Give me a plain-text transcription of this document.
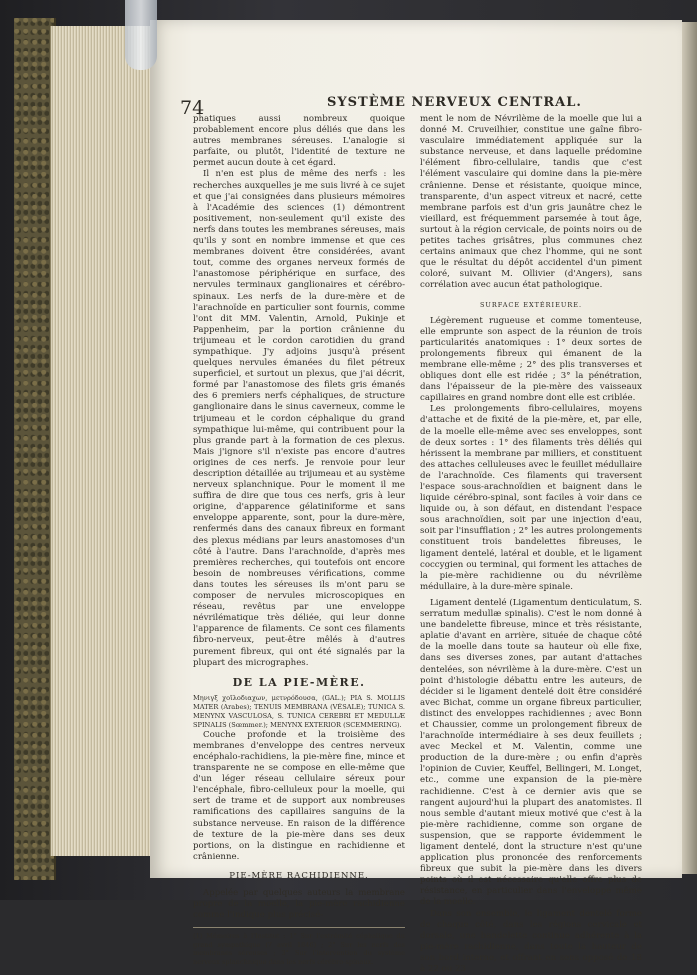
74	SYSTÈME NERVEUX CENTRAL.

phatiques aussi nombreux quoique probablement encore plus déliés que dans les autres membranes séreuses. L'analogie si parfaite, ou plutôt, l'identité de texture ne permet aucun doute à cet égard.

Il n'en est plus de même des nerfs : les recherches auxquelles je me suis livré à ce sujet et que j'ai consignées dans plusieurs mémoires à l'Académie des sciences (1) démontrent positivement, non-seulement qu'il existe des nerfs dans toutes les membranes séreuses, mais qu'ils y sont en nombre immense et que ces membranes doivent être considérées, avant tout, comme des organes nerveux formés de l'anastomose périphérique en surface, des nervules terminaux ganglionaires et cérébro-spinaux. Les nerfs de la dure-mère et de l'arachnoïde en particulier sont fournis, comme l'ont dit MM. Valentin, Arnold, Pukinje et Pappenheim, par la portion crânienne du trijumeau et le cordon carotidien du grand sympathique. J'y adjoins jusqu'à présent quelques nervules émanées du filet pétreux superficiel, et surtout un plexus, que j'ai décrit, formé par l'anastomose des filets gris émanés des 6 premiers nerfs céphaliques, de structure ganglionaire dans le sinus caverneux, comme le trijumeau et le cordon céphalique du grand sympathique lui-même, qui contribuent pour la plus grande part à la formation de ces plexus. Mais j'ignore s'il n'existe pas encore d'autres origines de ces nerfs. Je renvoie pour leur description détaillée au trijumeau et au système nerveux splanchnique. Pour le moment il me suffira de dire que tous ces nerfs, gris à leur origine, d'apparence gélatiniforme et sans enveloppe apparente, sont, pour la dure-mère, renfermés dans des canaux fibreux en formant des plexus médians par leurs anastomoses d'un côté à l'autre. Dans l'arachnoïde, d'après mes premières recherches, qui toutefois ont encore besoin de nombreuses vérifications, comme dans toutes les séreuses ils m'ont paru se composer de nervules microscopiques en réseau, revêtus par une enveloppe névrilématique très déliée, qui leur donne l'apparence de filaments. Ce sont ces filaments fibro-nerveux, peut-être mêlés à d'autres purement fibreux, qui ont été signalés par la plupart des micrographes.

DE LA PIE-MÈRE.

Μηνιγξ χοῖλοδιαχων, μετνρόδουσα, (GAL.); PIA S. MOLLIS MATER (Arabes); TENUIS MEMBRANA (VÉSALE); TUNICA S. MENYNX VASCULOSA, S. TUNICA CEREBRI ET MEDULLÆ SPINALIS (Sœmmer.); MENYNX EXTERIOR (SCEMMERING).

Couche profonde et la troisième des membranes d'enveloppe des centres nerveux encéphalo-rachidiens, la pie-mère fine, mince et transparente ne se compose en elle-même que d'un léger réseau cellulaire séreux pour l'encéphale, fibro-celluleux pour la moelle, qui sert de trame et de support aux nombreuses ramifications des capillaires sanguins de la substance nerveuse. En raison de la différence de texture de la pie-mère dans ses deux portions, on la distingue en rachidienne et crânienne.

PIE-MÈRE RACHIDIENNE.

Appelée par quelques auteurs la membrane propre de la moelle, la pie-mère rachidienne comme l'indique plus précisé-

(1) Mémoires à l'Institut : 1° Sur l'extrémité céphalique du grand sympathique (7 avril 1846) ; 2° Sur les nerfs des membranes séreuses ; 3° Sur l'intervention du système nerveux splanchnique dans les nerfs cérébro-spinaux.

ment le nom de Névrilème de la moelle que lui a donné M. Cruveilhier, constitue une gaîne fibro-vasculaire immédiatement appliquée sur la substance nerveuse, et dans laquelle prédomine l'élément fibro-cellulaire, tandis que c'est l'élément vasculaire qui domine dans la pie-mère crânienne. Dense et résistante, quoique mince, transparente, d'un aspect vitreux et nacré, cette membrane parfois est d'un gris jaunâtre chez le vieillard, est fréquemment parsemée à tout âge, surtout à la région cervicale, de points noirs ou de petites taches grisâtres, plus communes chez certains animaux que chez l'homme, qui ne sont que le résultat du dépôt accidentel d'un piment coloré, suivant M. Ollivier (d'Angers), sans corrélation avec aucun état pathologique.

SURFACE EXTÉRIEURE.

Légèrement rugueuse et comme tomenteuse, elle emprunte son aspect de la réunion de trois particularités anatomiques : 1° deux sortes de prolongements fibreux qui émanent de la membrane elle-même ; 2° des plis transverses et obliques dont elle est ridée ; 3° la pénétration, dans l'épaisseur de la pie-mère des vaisseaux capillaires en grand nombre dont elle est criblée.

Les prolongements fibro-cellulaires, moyens d'attache et de fixité de la pie-mère, et, par elle, de la moelle elle-même avec ses enveloppes, sont de deux sortes : 1° des filaments très déliés qui hérissent la membrane par milliers, et constituent des attaches celluleuses avec le feuillet médullaire de l'arachnoïde. Ces filaments qui traversent l'espace sous-arachnoïdien et baignent dans le liquide cérébro-spinal, sont faciles à voir dans ce liquide ou, à son défaut, en distendant l'espace sous arachnoïdien, soit par une injection d'eau, soit par l'insufflation ; 2° les autres prolongements constituent trois bandelettes fibreuses, le ligament dentelé, latéral et double, et le ligament coccygien ou terminal, qui forment les attaches de la pie-mère rachidienne ou du névrilème médullaire, à la dure-mère spinale.

Ligament dentelé (Ligamentum denticulatum, S. serratum medullæ spinalis). C'est le nom donné à une bandelette fibreuse, mince et très résistante, aplatie d'avant en arrière, située de chaque côté de la moelle dans toute sa hauteur où elle fixe, dans ses diverses zones, par autant d'attaches dentelées, son névrilème à la dure-mère. C'est un point d'histologie débattu entre les auteurs, de décider si le ligament dentelé doit être considéré avec Bichat, comme un organe fibreux particulier, distinct des enveloppes rachidiennes ; avec Bonn et Chaussier, comme un prolongement fibreux de l'arachnoïde intermédiaire à ses deux feuillets ; avec Meckel et M. Valentin, comme une production de la dure-mère ; ou enfin d'après l'opinion de Cuvier, Keuffel, Bellingeri, M. Longet, etc., comme une expansion de la pie-mère rachidienne. C'est à ce dernier avis que se rangent aujourd'hui la plupart des anatomistes. Il nous semble d'autant mieux motivé que c'est à la pie-mère rachidienne, comme son organe de suspension, que se rapporte évidemment le ligament dentelé, dont la structure n'est qu'une application plus prononcée des renforcements fibreux que subit la pie-mère dans les divers points où il est nécessaire qu'elle offre plus de résistance, en particulier dans l'enveloppe même de la moelle.

Dans son ensemble, le ligament dentelé forme de chaque côté, dans les régions cervicale et dorsale, une bandelette continue adhérente à la pie-mère rachidienne, dans toute la hauteur de son bord interne, et offrant en sens opposé de 18 à 22 ou 23
